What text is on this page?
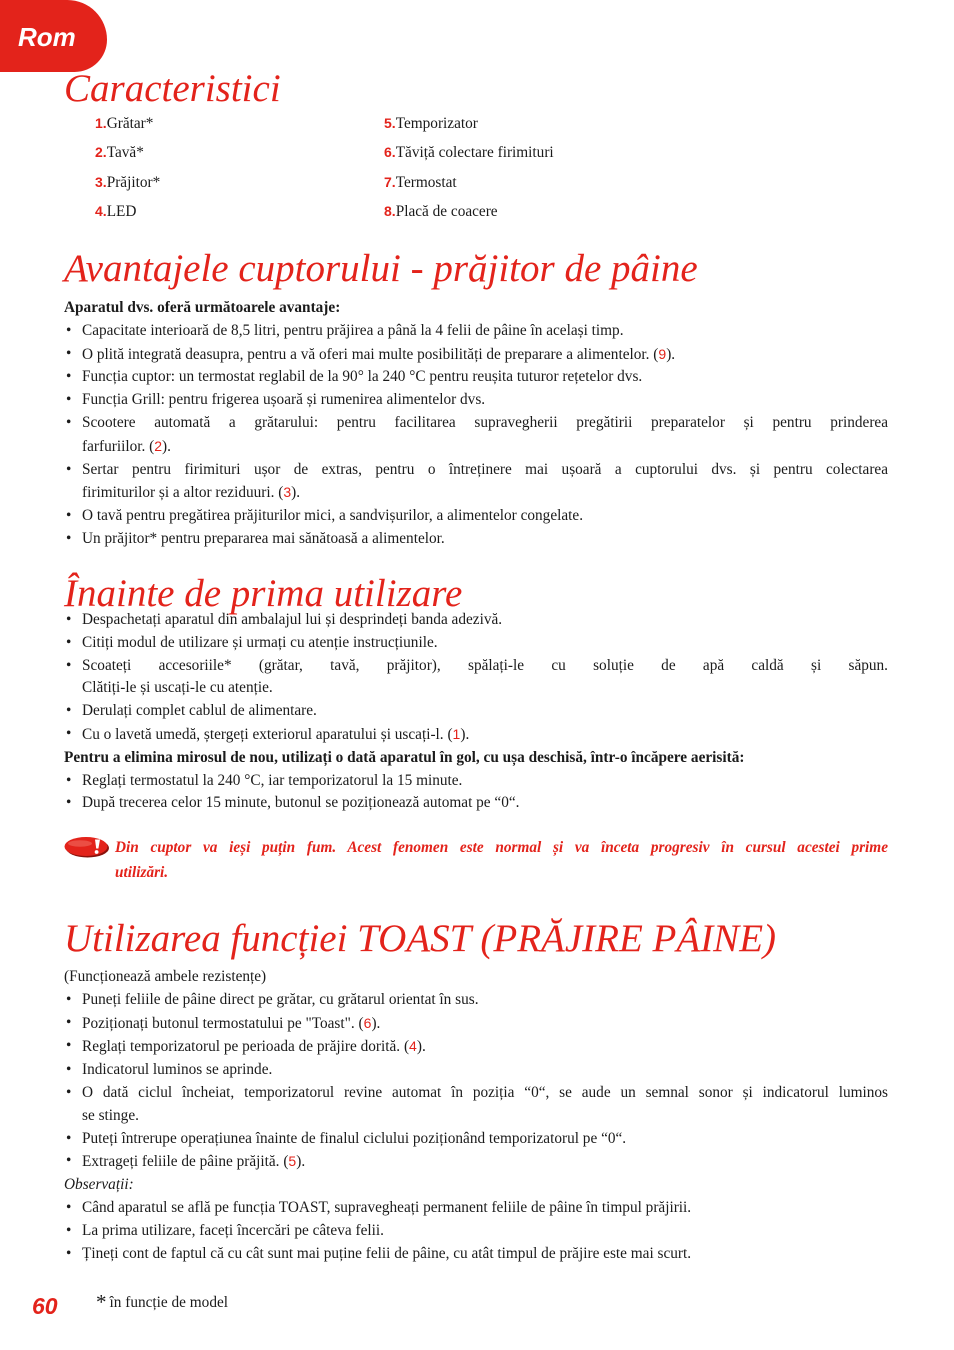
Rom
Caracteristici
1.Grătar*
2.Tavă*
3.Prăjitor*
4.LED
5.Temporizator
6.Tăviță colectare firimituri
7.Termostat
8.Placă de coacere
Avantajele cuptorului - prăjitor de pâine
Aparatul dvs. oferă următoarele avantaje:
• Capacitate interioară de 8,5 litri, pentru prăjirea a până la 4 felii de pâine în același timp.
• O plită integrată deasupra, pentru a vă oferi mai multe posibilități de preparare a alimentelor. (9).
• Funcția cuptor: un termostat reglabil de la 90° la 240 °C pentru reușita tuturor rețetelor dvs.
• Funcția Grill: pentru frigerea ușoară și rumenirea alimentelor dvs.
• Scootere automată a grătarului: pentru facilitarea supravegherii pregătirii preparatelor și pentru prinderea
farfuriilor. (2).
• Sertar pentru firimituri ușor de extras, pentru o întreținere mai ușoară a cuptorului dvs. și pentru colectarea
firimiturilor și a altor reziduuri. (3).
• O tavă pentru pregătirea prăjiturilor mici, a sandvișurilor, a alimentelor congelate.
• Un prăjitor* pentru prepararea mai sănătoasă a alimentelor.
Înainte de prima utilizare
• Despachetați aparatul din ambalajul lui și desprindeți banda adezivă.
• Citiți modul de utilizare și urmați cu atenție instrucțiunile.
• Scoateți accesoriile* (grătar, tavă, prăjitor), spălați-le cu soluție de apă caldă și săpun.
Clătiți-le și uscați-le cu atenție.
• Derulați complet cablul de alimentare.
• Cu o lavetă umedă, ștergeți exteriorul aparatului și uscați-l. (1).
Pentru a elimina mirosul de nou, utilizați o dată aparatul în gol, cu ușa deschisă, într-o încăpere aerisită:
• Reglați termostatul la 240 °C, iar temporizatorul la 15 minute.
• După trecerea celor 15 minute, butonul se poziționează automat pe “0“.
Din cuptor va ieși puțin fum. Acest fenomen este normal și va înceta progresiv în cursul acestei prime
utilizări.
Utilizarea funcției TOAST (PRĂJIRE PÂINE)
(Funcționează ambele rezistențe)
• Puneți feliile de pâine direct pe grătar, cu grătarul orientat în sus.
• Poziționați butonul termostatului pe "Toast". (6).
• Reglați temporizatorul pe perioada de prăjire dorită. (4).
• Indicatorul luminos se aprinde.
• O dată ciclul încheiat, temporizatorul revine automat în poziția “0“, se aude un semnal sonor și indicatorul luminos
se stinge.
• Puteți întrerupe operațiunea înainte de finalul ciclului poziționând temporizatorul pe “0“.
• Extrageți feliile de pâine prăjită. (5).
Observații:
• Când aparatul se află pe funcția TOAST, supravegheați permanent feliile de pâine în timpul prăjirii.
• La prima utilizare, faceți încercări pe câteva felii.
• Țineți cont de faptul că cu cât sunt mai puține felii de pâine, cu atât timpul de prăjire este mai scurt.
60 * în funcție de model
